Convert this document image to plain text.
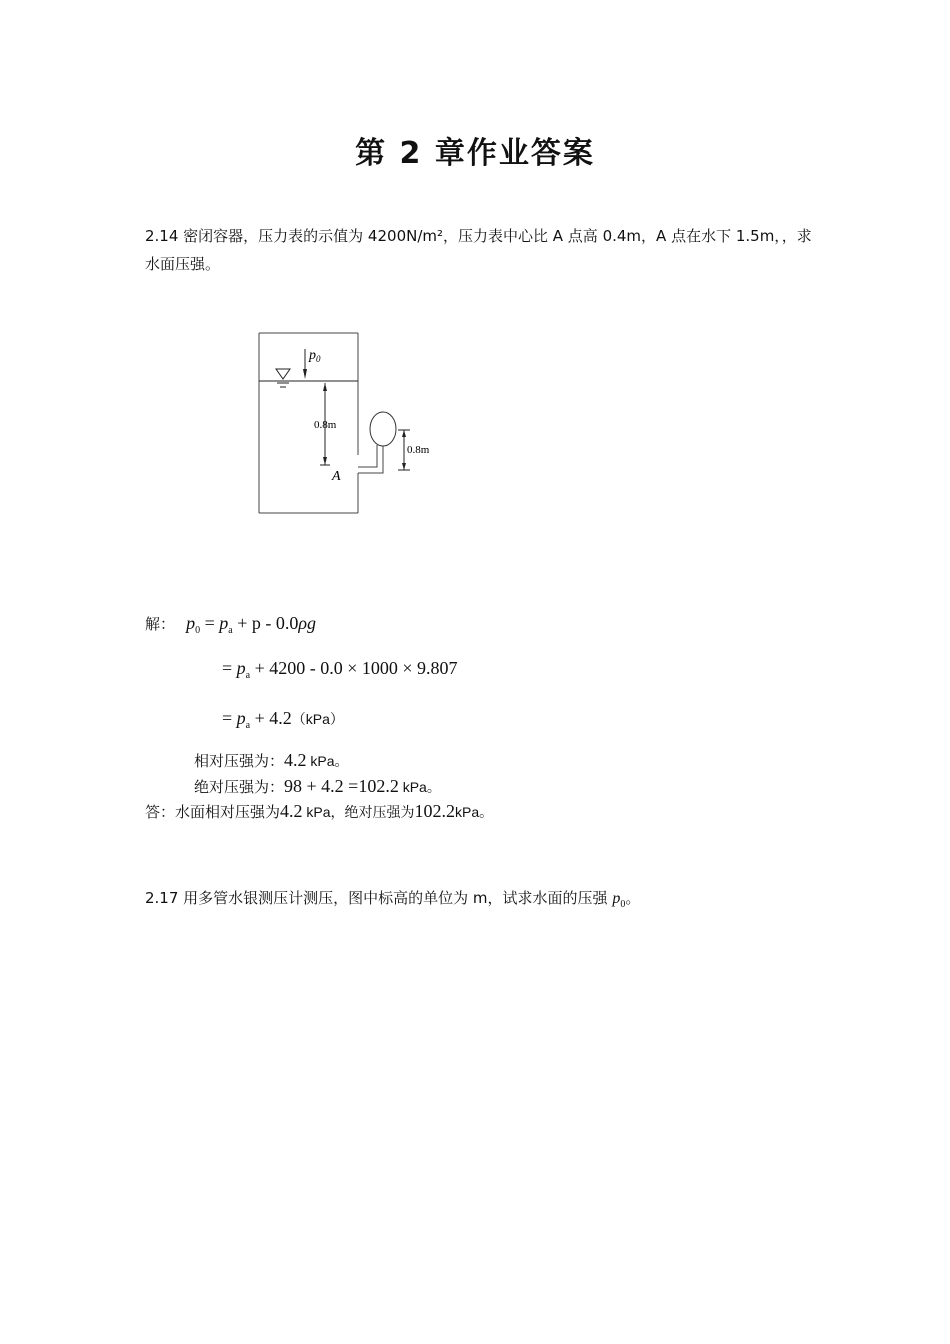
第 2 章作业答案
2.14 密闭容器，压力表的示值为 4200N/m²，压力表中心比 A 点高 0.4m，A 点在水下 1.5m，，求
水面压强。
$p_0$
0.8m
A
0.8m
解： $p_0 = p_a + p - 0.0\rho g$
= $p_a + 4200 - 0.0 \times 1000 \times 9.807$
= $p_a + 4.2(kPa)$
相对压强为：4.2 kPa。
绝对压强为：98 + 4.2 =102.2 kPa。
答：水面相对压强为4.2 kPa，绝对压强为102.2kPa。
2.17 用多管水银测压计测压，图中标高的单位为 m，试求水面的压强 $p_0$。
